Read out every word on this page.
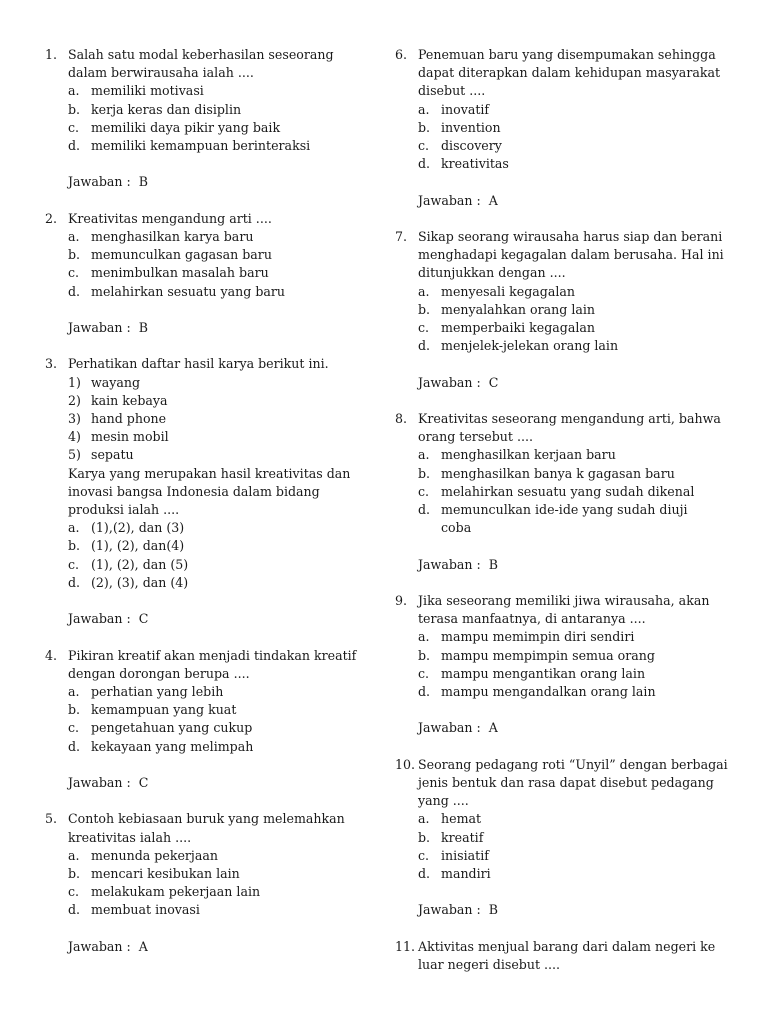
1. Salah satu modal keberhasilan seseorang dalam berwirausaha ialah ....
a. memiliki motivasi
b. kerja keras dan disiplin
c. memiliki daya pikir yang baik
d. memiliki kemampuan berinteraksi
Jawaban :  B
2. Kreativitas mengandung arti ....
a. menghasilkan karya baru
b. memunculkan gagasan baru
c. menimbulkan masalah baru
d. melahirkan sesuatu yang baru
Jawaban :  B
3. Perhatikan daftar hasil karya berikut ini.
1) wayang
2) kain kebaya
3) hand phone
4) mesin mobil
5) sepatu
Karya yang merupakan hasil kreativitas dan inovasi bangsa Indonesia dalam bidang produksi ialah ....
a. (1),(2), dan (3)
b. (1), (2), dan(4)
c. (1), (2), dan (5)
d. (2), (3), dan (4)
Jawaban :  C
4. Pikiran kreatif akan menjadi tindakan kreatif dengan dorongan berupa ....
a. perhatian yang lebih
b. kemampuan yang kuat
c. pengetahuan yang cukup
d. kekayaan yang melimpah
Jawaban :  C
5. Contoh kebiasaan buruk yang melemahkan kreativitas ialah ....
a. menunda pekerjaan
b. mencari kesibukan lain
c. melakukam pekerjaan lain
d. membuat inovasi
Jawaban :  A
6. Penemuan baru yang disempumakan sehingga dapat diterapkan dalam kehidupan masyarakat disebut ....
a. inovatif
b. invention
c. discovery
d. kreativitas
Jawaban :  A
7. Sikap seorang wirausaha harus siap dan berani menghadapi kegagalan dalam berusaha. Hal ini ditunjukkan dengan ....
a. menyesali kegagalan
b. menyalahkan orang lain
c. memperbaiki kegagalan
d. menjelek-jelekan orang lain
Jawaban :  C
8. Kreativitas seseorang mengandung arti, bahwa orang tersebut ....
a. menghasilkan kerjaan baru
b. menghasilkan banya k gagasan baru
c. melahirkan sesuatu yang sudah dikenal
d. memunculkan ide-ide yang sudah diuji coba
Jawaban :  B
9. Jika seseorang memiliki jiwa wirausaha, akan terasa manfaatnya, di antaranya ....
a. mampu memimpin diri sendiri
b. mampu mempimpin semua orang
c. mampu mengantikan orang lain
d. mampu mengandalkan orang lain
Jawaban :  A
10. Seorang pedagang roti “Unyil” dengan berbagai jenis bentuk dan rasa dapat disebut pedagang yang ....
a. hemat
b. kreatif
c. inisiatif
d. mandiri
Jawaban :  B
11. Aktivitas menjual barang dari dalam negeri ke luar negeri disebut ....
